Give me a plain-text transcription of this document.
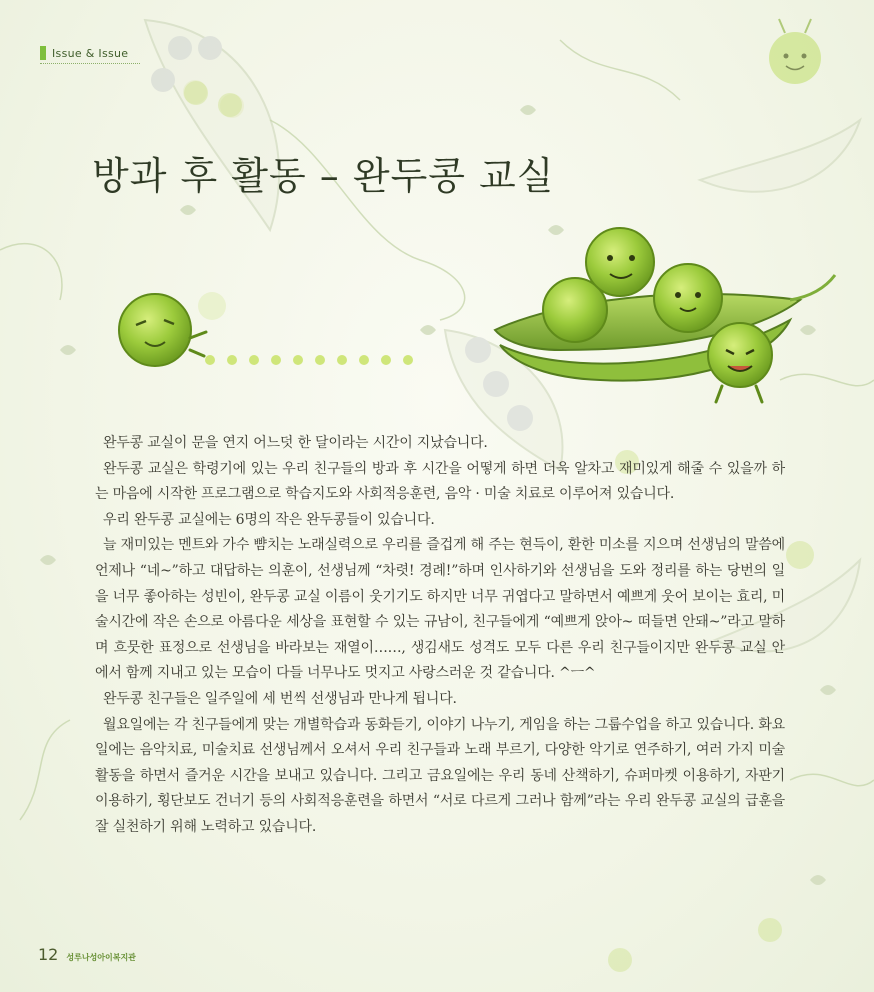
Issue & Issue
방과 후 활동 – 완두콩 교실

완두콩 교실이 문을 연지 어느덧 한 달이라는 시간이 지났습니다.

완두콩 교실은 학령기에 있는 우리 친구들의 방과 후 시간을 어떻게 하면 더욱 알차고 재미있게 해줄 수 있을까 하는 마음에 시작한 프로그램으로 학습지도와 사회적응훈련, 음악 · 미술 치료로 이루어져 있습니다.

우리 완두콩 교실에는 6명의 작은 완두콩들이 있습니다.

늘 재미있는 멘트와 가수 뺨치는 노래실력으로 우리를 즐겁게 해 주는 현득이, 환한 미소를 지으며 선생님의 말씀에 언제나 “네~”하고 대답하는 의훈이, 선생님께 “차렷! 경례!”하며 인사하기와 선생님을 도와 정리를 하는 당번의 일을 너무 좋아하는 성빈이, 완두콩 교실 이름이 웃기기도 하지만 너무 귀엽다고 말하면서 예쁘게 웃어 보이는 효리, 미술시간에 작은 손으로 아름다운 세상을 표현할 수 있는 규남이, 친구들에게 “예쁘게 앉아~ 떠들면 안돼~”라고 말하며 흐뭇한 표정으로 선생님을 바라보는 재열이……, 생김새도 성격도 모두 다른 우리 친구들이지만 완두콩 교실 안에서 함께 지내고 있는 모습이 다들 너무나도 멋지고 사랑스러운 것 같습니다. ^ㅡ^

완두콩 친구들은 일주일에 세 번씩 선생님과 만나게 됩니다.

월요일에는 각 친구들에게 맞는 개별학습과 동화듣기, 이야기 나누기, 게임을 하는 그룹수업을 하고 있습니다. 화요일에는 음악치료, 미술치료 선생님께서 오셔서 우리 친구들과 노래 부르기, 다양한 악기로 연주하기, 여러 가지 미술활동을 하면서 즐거운 시간을 보내고 있습니다. 그리고 금요일에는 우리 동네 산책하기, 슈퍼마켓 이용하기, 자판기 이용하기, 횡단보도 건너기 등의 사회적응훈련을 하면서 “서로 다르게 그러나 함께”라는 우리 완두콩 교실의 급훈을 잘 실천하기 위해 노력하고 있습니다.

12 성루나성아이복지관
